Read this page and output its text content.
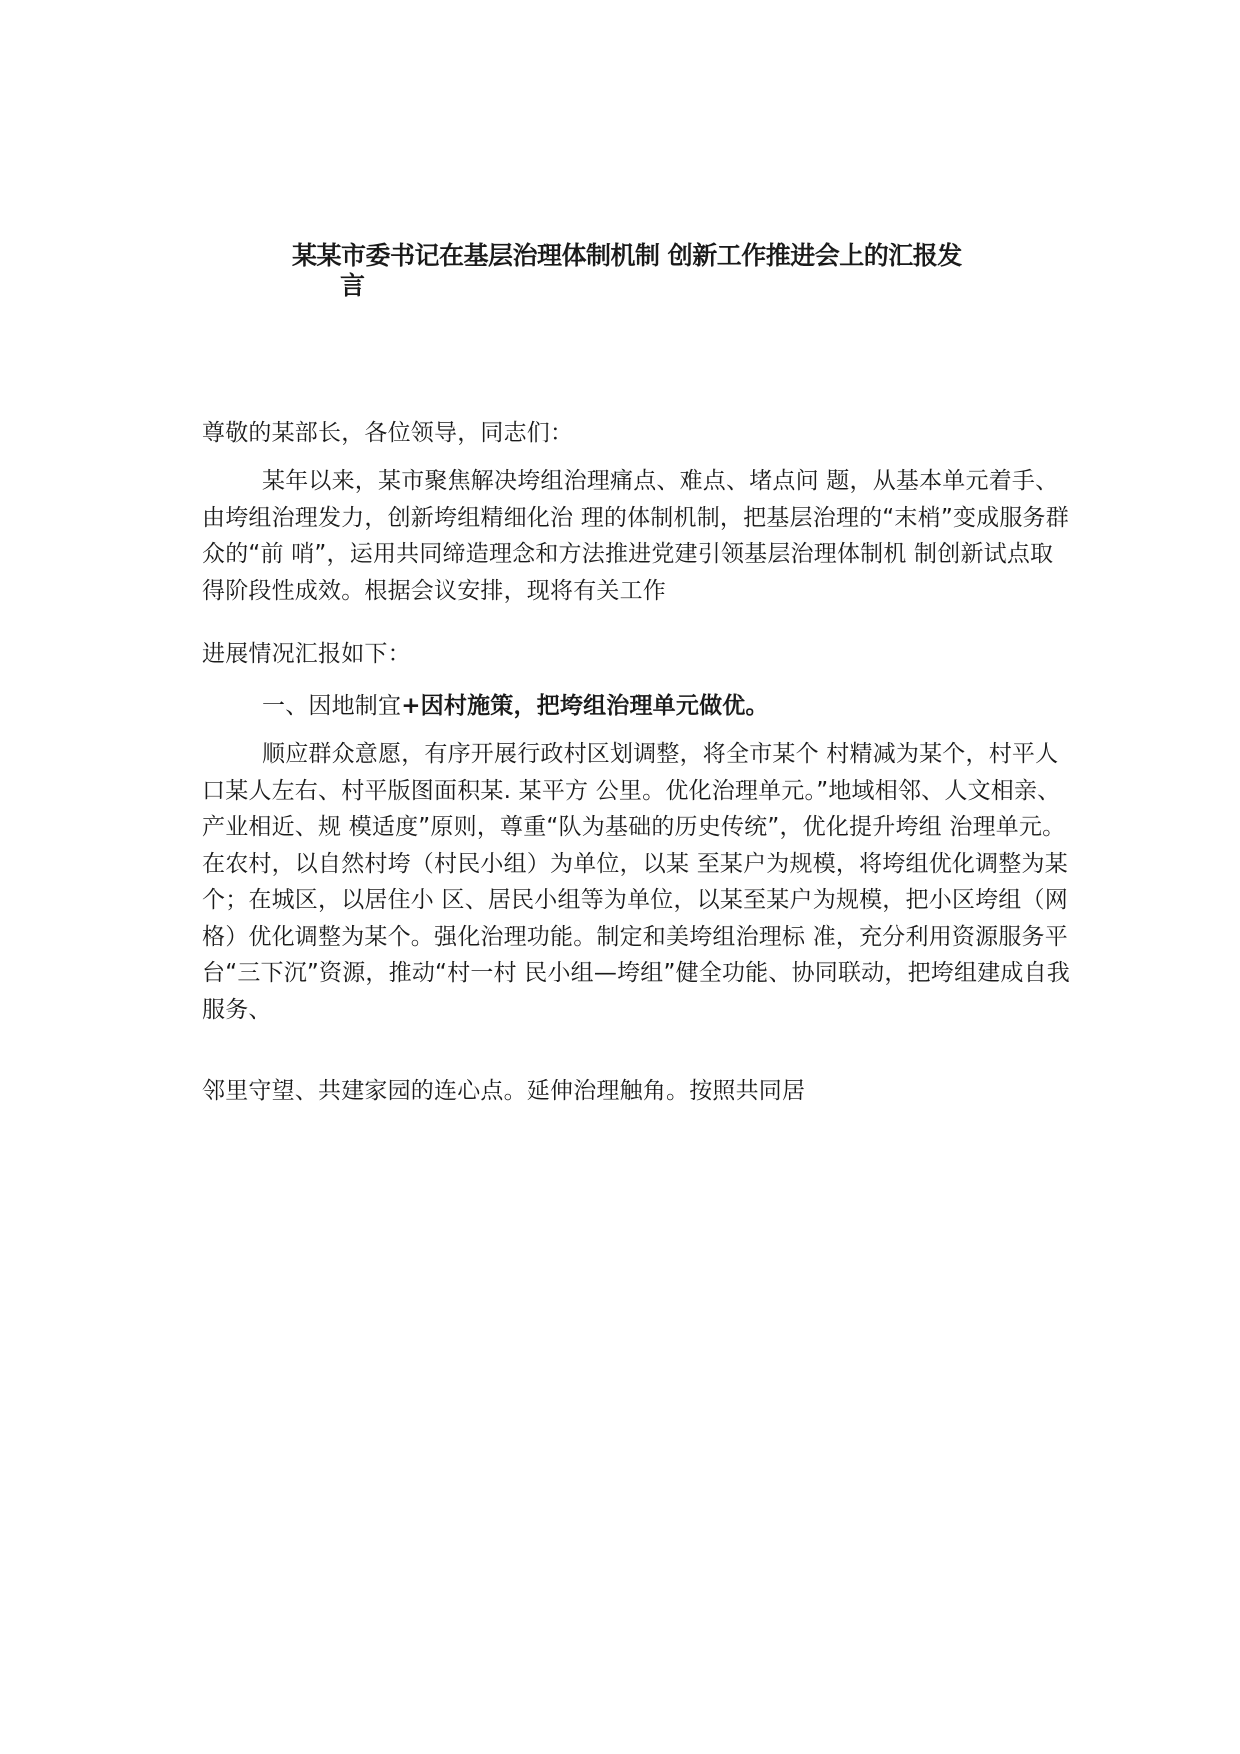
某某市委书记在基层治理体制机制 创新工作推进会上的汇报发
言

尊敬的某部长，各位领导，同志们：

某年以来，某市聚焦解决垮组治理痛点、难点、堵点问 题，从基本单元着手、由垮组治理发力，创新垮组精细化治 理的体制机制，把基层治理的“末梢”变成服务群众的“前 哨”，运用共同缔造理念和方法推进党建引领基层治理体制机 制创新试点取得阶段性成效。根据会议安排，现将有关工作

进展情况汇报如下：

一、因地制宜+因村施策，把垮组治理单元做优。

顺应群众意愿，有序开展行政村区划调整，将全市某个 村精减为某个，村平人口某人左右、村平版图面积某. 某平方 公里。优化治理单元。”地域相邻、人文相亲、产业相近、规 模适度”原则，尊重“队为基础的历史传统”，优化提升垮组 治理单元。在农村，以自然村垮（村民小组）为单位，以某 至某户为规模，将垮组优化调整为某个；在城区，以居住小 区、居民小组等为单位，以某至某户为规模，把小区垮组（网 格）优化调整为某个。强化治理功能。制定和美垮组治理标 准，充分利用资源服务平台“三下沉”资源，推动“村一村 民小组—垮组”健全功能、协同联动，把垮组建成自我服务、

邻里守望、共建家园的连心点。延伸治理触角。按照共同居
